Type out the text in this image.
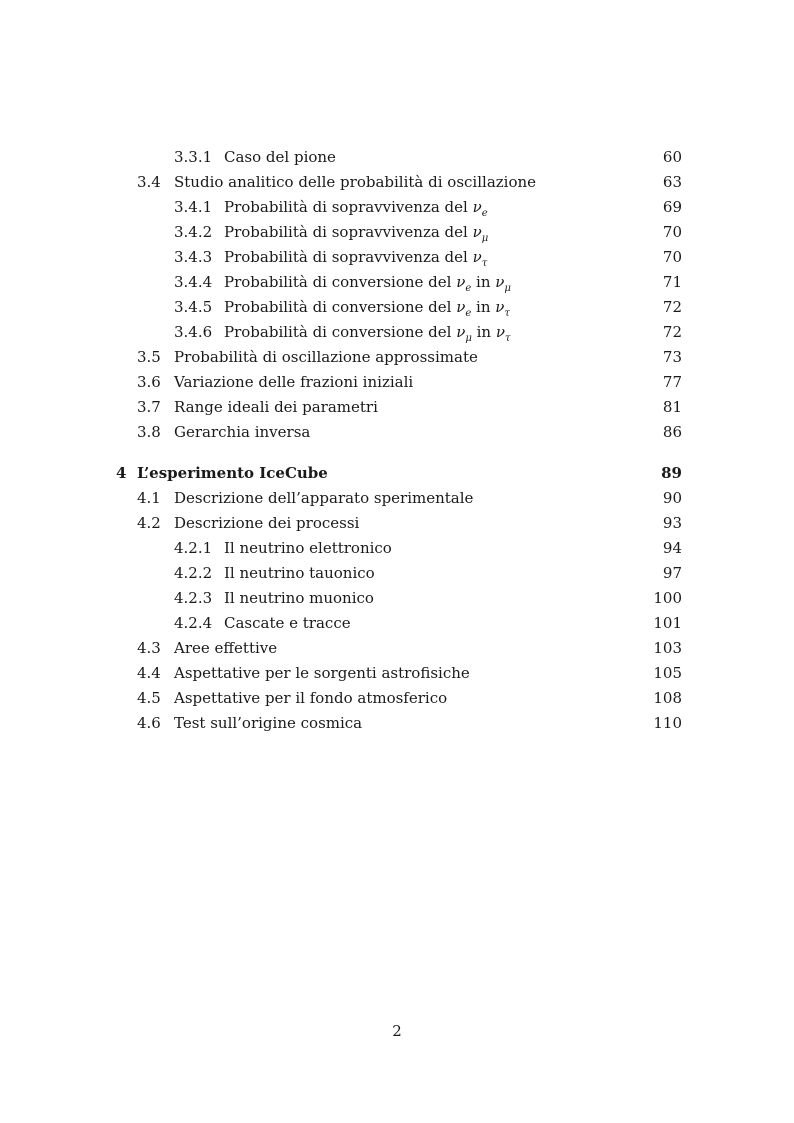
3.3.1 Caso del pione	60
3.4 Studio analitico delle probabilità di oscillazione	63
3.4.1 Probabilità di sopravvivenza del $\nu_e$	69
3.4.2 Probabilità di sopravvivenza del $\nu_\mu$	70
3.4.3 Probabilità di sopravvivenza del $\nu_\tau$	70
3.4.4 Probabilità di conversione del $\nu_e$ in $\nu_\mu$	71
3.4.5 Probabilità di conversione del $\nu_e$ in $\nu_\tau$	72
3.4.6 Probabilità di conversione del $\nu_\mu$ in $\nu_\tau$	72
3.5 Probabilità di oscillazione approssimate	73
3.6 Variazione delle frazioni iniziali	77
3.7 Range ideali dei parametri	81
3.8 Gerarchia inversa	86
4 L’esperimento IceCube	89
4.1 Descrizione dell’apparato sperimentale	90
4.2 Descrizione dei processi	93
4.2.1 Il neutrino elettronico	94
4.2.2 Il neutrino tauonico	97
4.2.3 Il neutrino muonico	100
4.2.4 Cascate e tracce	101
4.3 Aree effettive	103
4.4 Aspettative per le sorgenti astrofisiche	105
4.5 Aspettative per il fondo atmosferico	108
4.6 Test sull’origine cosmica	110
2
